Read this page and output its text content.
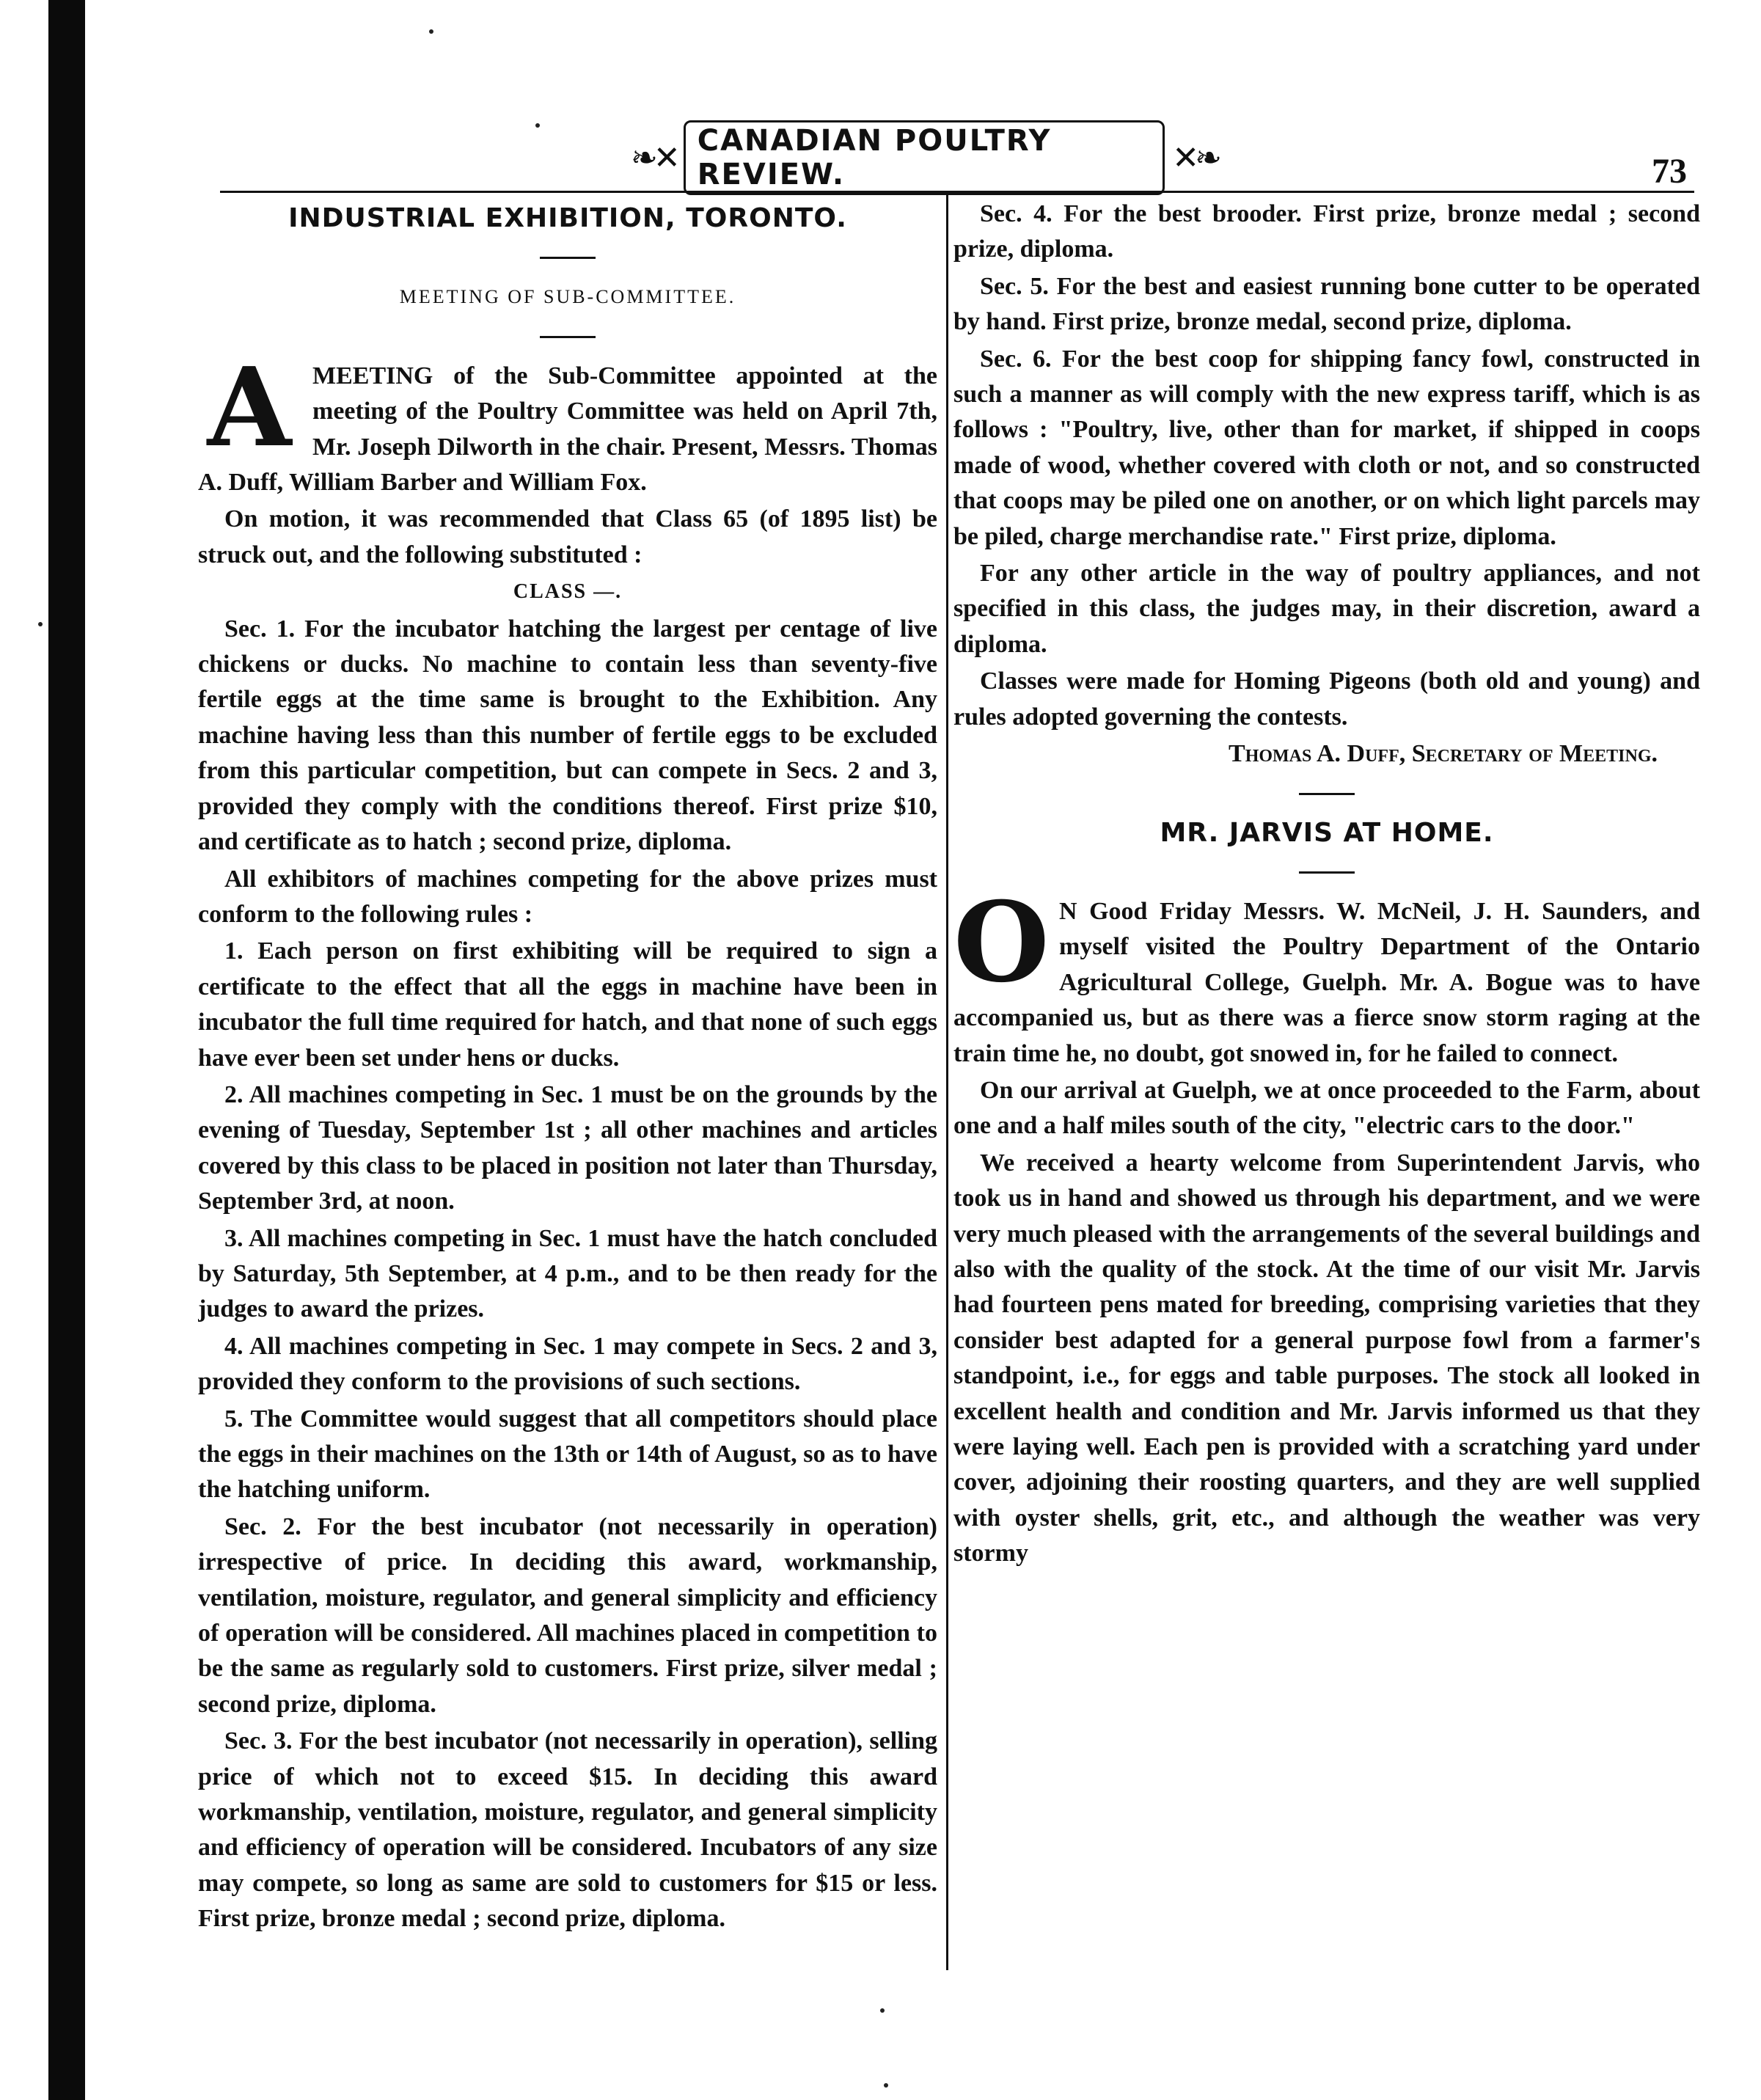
❧✕ CANADIAN POULTRY REVIEW.	✕❧	73
INDUSTRIAL EXHIBITION, TORONTO.
MEETING OF SUB-COMMITTEE.

A MEETING of the Sub-Committee appointed at the meeting of the Poultry Committee was held on April 7th, Mr. Joseph Dilworth in the chair. Present, Messrs. Thomas A. Duff, William Barber and William Fox.

On motion, it was recommended that Class 65 (of 1895 list) be struck out, and the following substituted :

CLASS —.

Sec. 1. For the incubator hatching the largest per centage of live chickens or ducks. No machine to contain less than seventy-five fertile eggs at the time same is brought to the Exhibition. Any machine having less than this number of fertile eggs to be excluded from this particular competition, but can compete in Secs. 2 and 3, provided they comply with the conditions thereof. First prize $10, and certificate as to hatch ; second prize, diploma.

All exhibitors of machines competing for the above prizes must conform to the following rules :

1. Each person on first exhibiting will be required to sign a certificate to the effect that all the eggs in machine have been in incubator the full time required for hatch, and that none of such eggs have ever been set under hens or ducks.

2. All machines competing in Sec. 1 must be on the grounds by the evening of Tuesday, September 1st ; all other machines and articles covered by this class to be placed in position not later than Thursday, September 3rd, at noon.

3. All machines competing in Sec. 1 must have the hatch concluded by Saturday, 5th September, at 4 p.m., and to be then ready for the judges to award the prizes.

4. All machines competing in Sec. 1 may compete in Secs. 2 and 3, provided they conform to the provisions of such sections.

5. The Committee would suggest that all competitors should place the eggs in their machines on the 13th or 14th of August, so as to have the hatching uniform.

Sec. 2. For the best incubator (not necessarily in operation) irrespective of price. In deciding this award, workmanship, ventilation, moisture, regulator, and general simplicity and efficiency of operation will be considered. All machines placed in competition to be the same as regularly sold to customers. First prize, silver medal ; second prize, diploma.

Sec. 3. For the best incubator (not necessarily in operation), selling price of which not to exceed $15. In deciding this award workmanship, ventilation, moisture, regulator, and general simplicity and efficiency of operation will be considered. Incubators of any size may compete, so long as same are sold to customers for $15 or less. First prize, bronze medal ; second prize, diploma.

Sec. 4. For the best brooder. First prize, bronze medal ; second prize, diploma.

Sec. 5. For the best and easiest running bone cutter to be operated by hand. First prize, bronze medal, second prize, diploma.

Sec. 6. For the best coop for shipping fancy fowl, constructed in such a manner as will comply with the new express tariff, which is as follows : "Poultry, live, other than for market, if shipped in coops made of wood, whether covered with cloth or not, and so constructed that coops may be piled one on another, or on which light parcels may be piled, charge merchandise rate." First prize, diploma.

For any other article in the way of poultry appliances, and not specified in this class, the judges may, in their discretion, award a diploma.

Classes were made for Homing Pigeons (both old and young) and rules adopted governing the contests.

Thomas A. Duff, Secretary of Meeting.

MR. JARVIS AT HOME.

O N Good Friday Messrs. W. McNeil, J. H. Saunders, and myself visited the Poultry Department of the Ontario Agricultural College, Guelph. Mr. A. Bogue was to have accompanied us, but as there was a fierce snow storm raging at the train time he, no doubt, got snowed in, for he failed to connect.

On our arrival at Guelph, we at once proceeded to the Farm, about one and a half miles south of the city, "electric cars to the door."

We received a hearty welcome from Superintendent Jarvis, who took us in hand and showed us through his department, and we were very much pleased with the arrangements of the several buildings and also with the quality of the stock. At the time of our visit Mr. Jarvis had fourteen pens mated for breeding, comprising varieties that they consider best adapted for a general purpose fowl from a farmer's standpoint, i.e., for eggs and table purposes. The stock all looked in excellent health and condition and Mr. Jarvis informed us that they were laying well. Each pen is provided with a scratching yard under cover, adjoining their roosting quarters, and they are well supplied with oyster shells, grit, etc., and although the weather was very stormy
